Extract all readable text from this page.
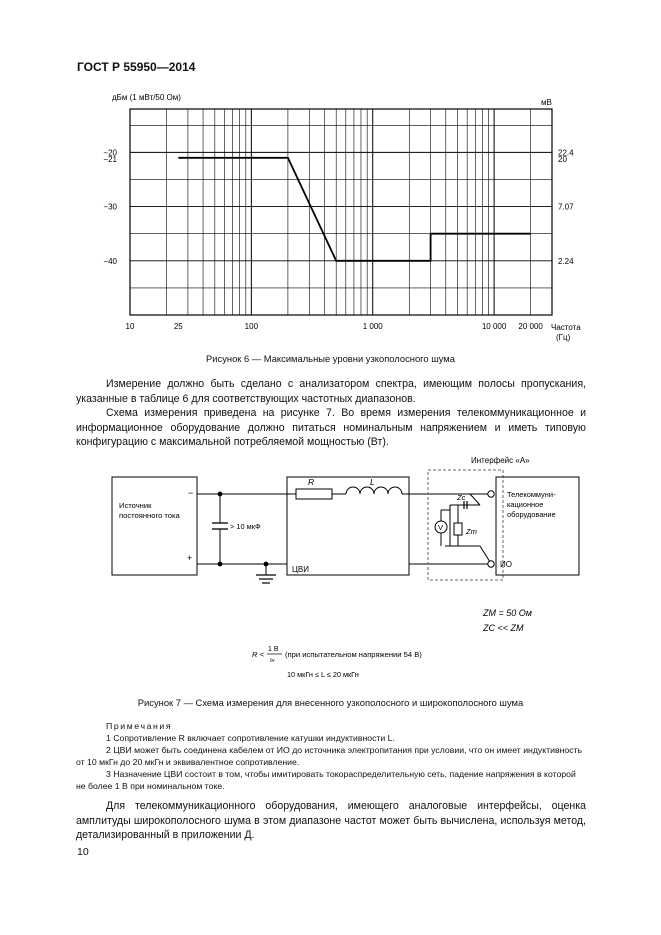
ГОСТ Р 55950—2014
дБм (1 мВт/50 Ом)
мВ
−20
−21
−30
−40
22.4
20
7.07
2.24
10	25	100	1 000	10 000 20 000 Частота
(Гц)
Рисунок 6 — Максимальные уровни узкополосного шума
Измерение должно быть сделано с анализатором спектра, имеющим полосы пропускания, указанные в таблице 6 для соответствующих частотных диапазонов.
Схема измерения приведена на рисунке 7. Во время измерения телекоммуникационное и информационное оборудование должно питаться номинальным напряжением и иметь типовую конфигурацию с максимальной потребляемой мощностью (Вт).
Интерфейс «А»
Источник
постоянного тока
−
+
> 10 мкФ
R	L
ЦВИ
Zc
Zm
V
ИО
Телекоммуни-
кационное
оборудование
ZM = 50 Ом
ZC << ZM
R <
1 В
Iн
(при испытательном напряжении 54 В)
10 мкГн ≤ L ≤ 20 мкГн
Рисунок 7 — Схема измерения для внесенного узкополосного и широкополосного шума

Примечания

1 Сопротивление R включает сопротивление катушки индуктивности L.

2 ЦВИ может быть соединена кабелем от ИО до источника электропитания при условии, что он имеет индуктивность от 10 мкГн до 20 мкГн и эквивалентное сопротивление.

3 Назначение ЦВИ состоит в том, чтобы имитировать токораспределительную сеть, падение напряжения в которой не более 1 В при номинальном токе.

Для телекоммуникационного оборудования, имеющего аналоговые интерфейсы, оценка амплитуды широкополосного шума в этом диапазоне частот может быть вычислена, используя метод, детализированный в приложении Д.
10
